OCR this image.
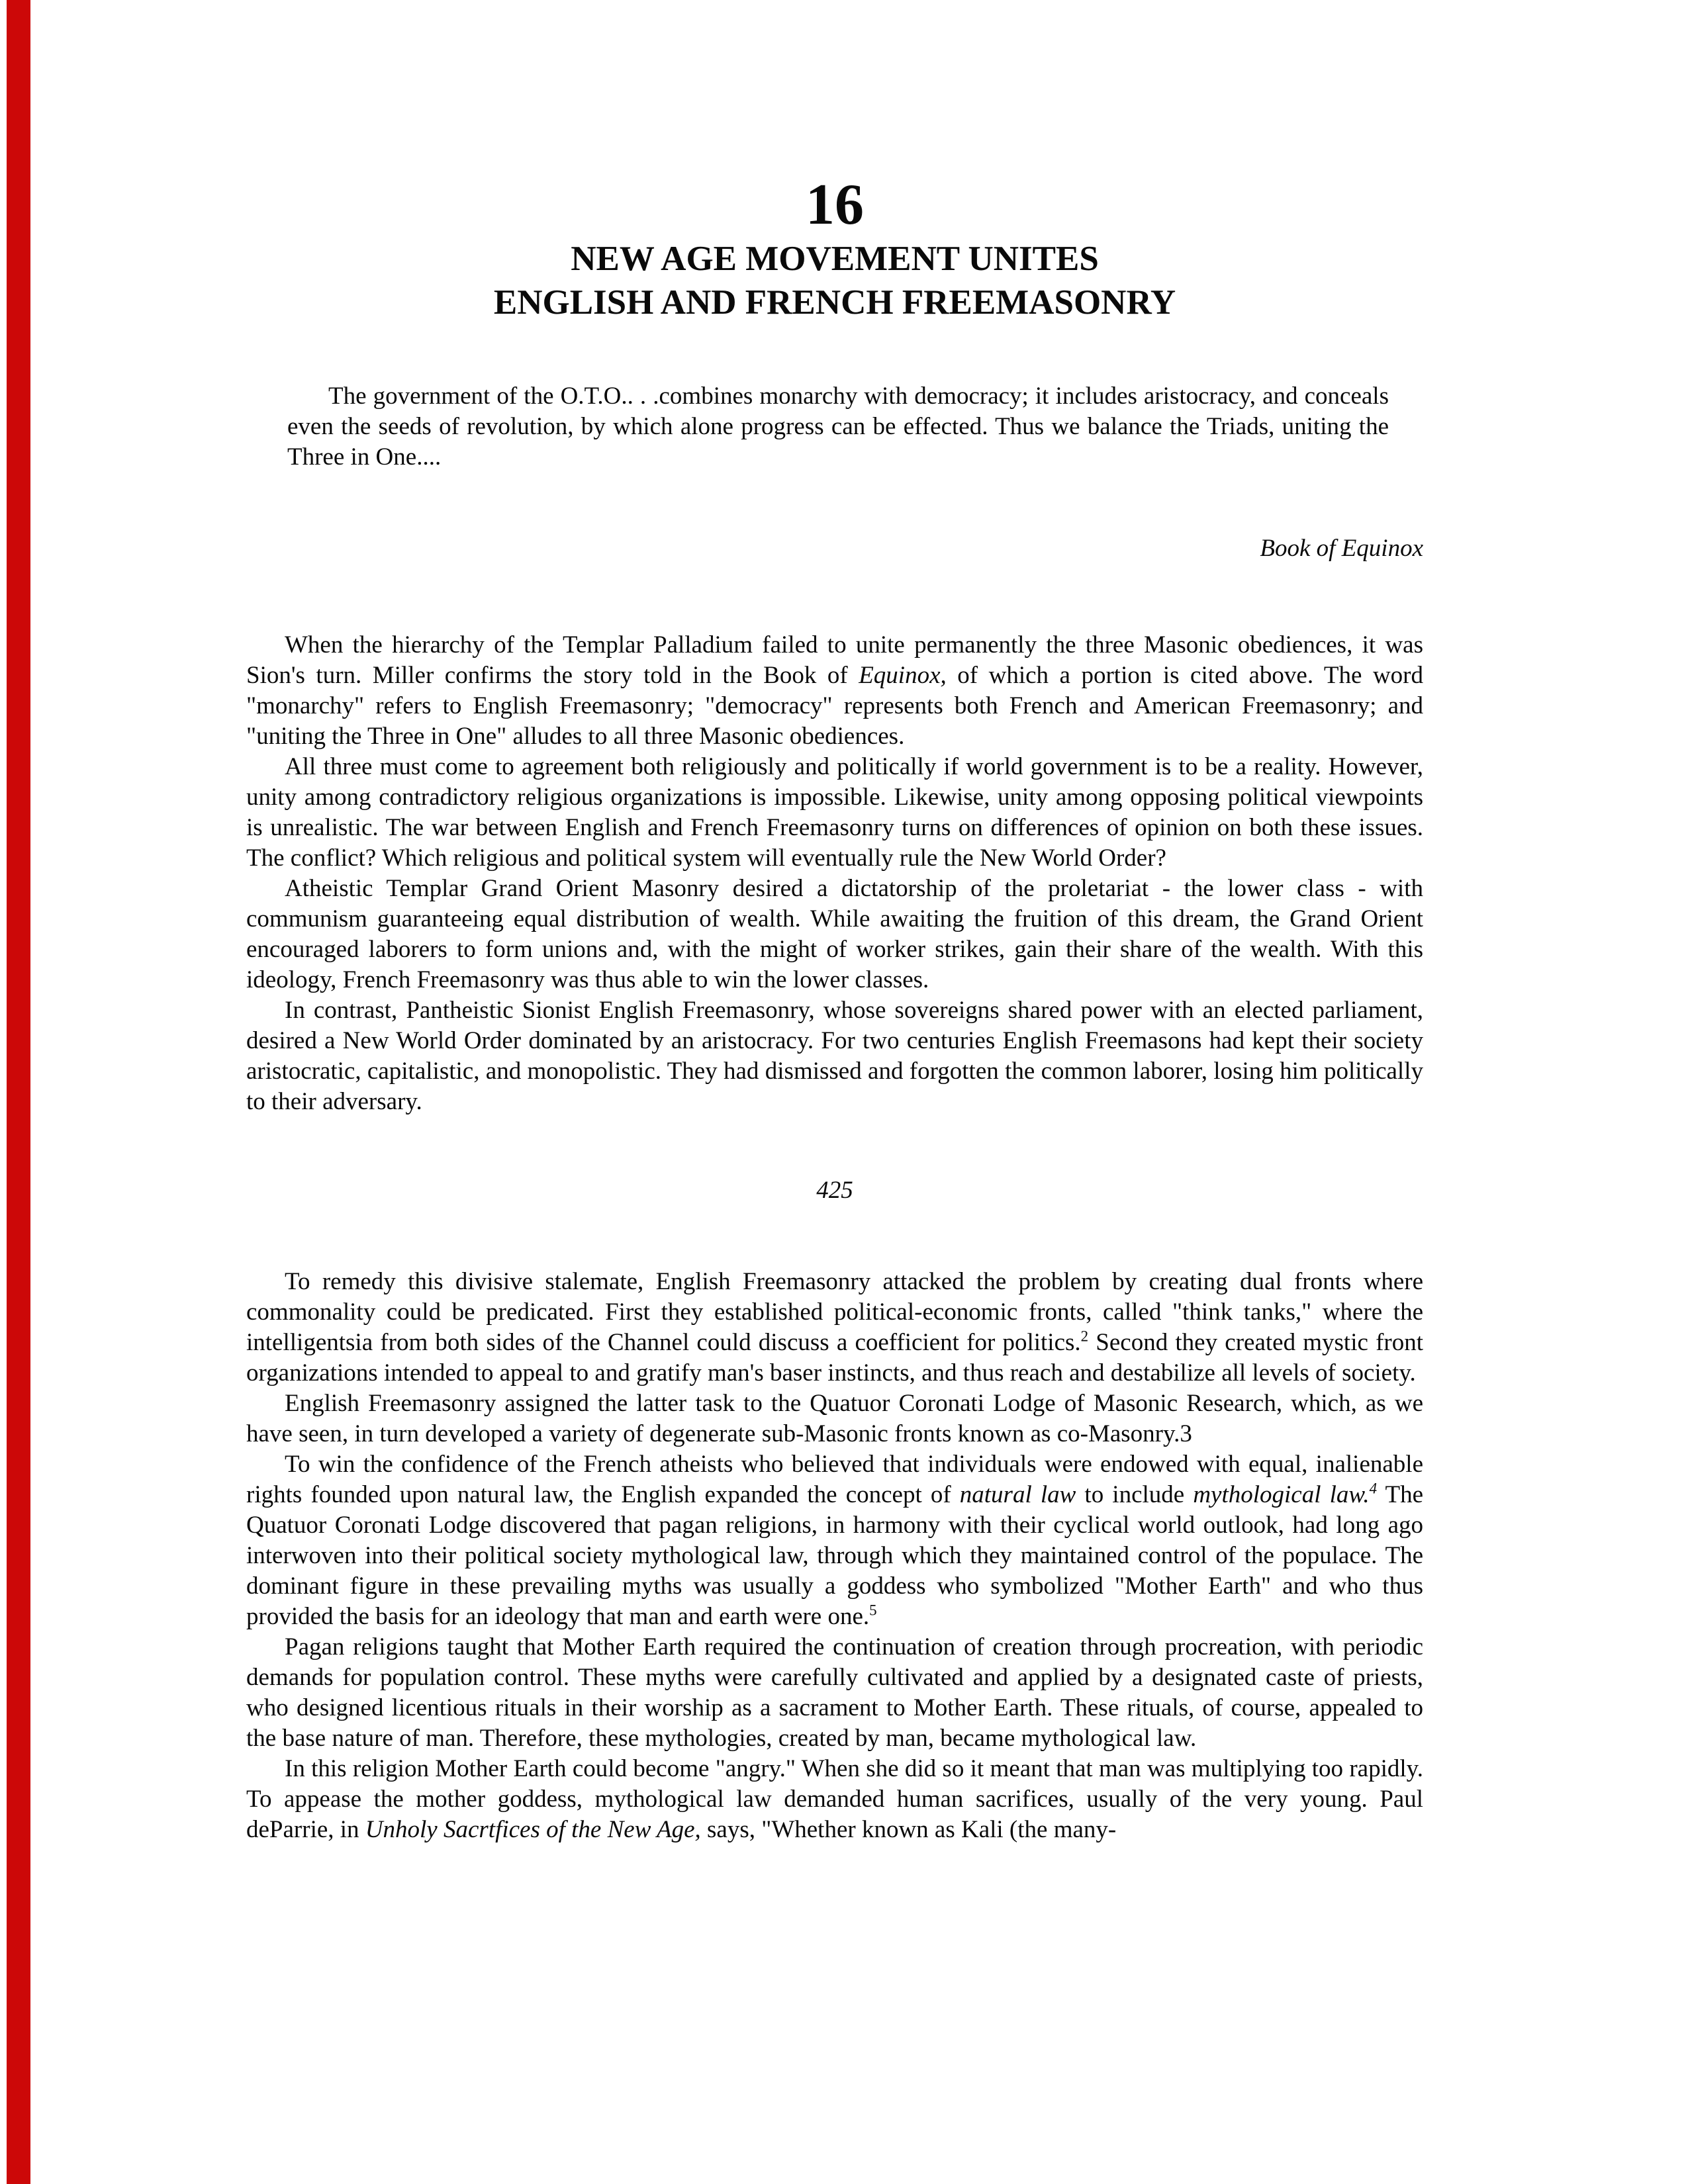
16
NEW AGE MOVEMENT UNITES
ENGLISH AND FRENCH FREEMASONRY
The government of the O.T.O.. . .combines monarchy with democracy; it includes aristocracy, and conceals even the seeds of revolution, by which alone progress can be effected. Thus we balance the Triads, uniting the Three in One....
Book of Equinox

When the hierarchy of the Templar Palladium failed to unite permanently the three Masonic obediences, it was Sion's turn. Miller confirms the story told in the Book of Equinox, of which a portion is cited above. The word "monarchy" refers to English Freemasonry; "democracy" represents both French and American Freemasonry; and "uniting the Three in One" alludes to all three Masonic obediences.

All three must come to agreement both religiously and politically if world government is to be a reality. However, unity among contradictory religious organizations is impossible. Likewise, unity among opposing political viewpoints is unrealistic. The war between English and French Freemasonry turns on differences of opinion on both these issues. The conflict? Which religious and political system will eventually rule the New World Order?

Atheistic Templar Grand Orient Masonry desired a dictatorship of the proletariat - the lower class - with communism guaranteeing equal distribution of wealth. While awaiting the fruition of this dream, the Grand Orient encouraged laborers to form unions and, with the might of worker strikes, gain their share of the wealth. With this ideology, French Freemasonry was thus able to win the lower classes.

In contrast, Pantheistic Sionist English Freemasonry, whose sovereigns shared power with an elected parliament, desired a New World Order dominated by an aristocracy. For two centuries English Freemasons had kept their society aristocratic, capitalistic, and monopolistic. They had dismissed and forgotten the common laborer, losing him politically to their adversary.

425

To remedy this divisive stalemate, English Freemasonry attacked the problem by creating dual fronts where commonality could be predicated. First they established political-economic fronts, called "think tanks," where the intelligentsia from both sides of the Channel could discuss a coefficient for politics.$^2$ Second they created mystic front organizations intended to appeal to and gratify man's baser instincts, and thus reach and destabilize all levels of society.

English Freemasonry assigned the latter task to the Quatuor Coronati Lodge of Masonic Research, which, as we have seen, in turn developed a variety of degenerate sub-Masonic fronts known as co-Masonry.3

To win the confidence of the French atheists who believed that individuals were endowed with equal, inalienable rights founded upon natural law, the English expanded the concept of natural law to include mythological law.$^4$ The Quatuor Coronati Lodge discovered that pagan religions, in harmony with their cyclical world outlook, had long ago interwoven into their political society mythological law, through which they maintained control of the populace. The dominant figure in these prevailing myths was usually a goddess who symbolized "Mother Earth" and who thus provided the basis for an ideology that man and earth were one.$^5$

Pagan religions taught that Mother Earth required the continuation of creation through procreation, with periodic demands for population control. These myths were carefully cultivated and applied by a designated caste of priests, who designed licentious rituals in their worship as a sacrament to Mother Earth. These rituals, of course, appealed to the base nature of man. Therefore, these mythologies, created by man, became mythological law.

In this religion Mother Earth could become "angry." When she did so it meant that man was multiplying too rapidly. To appease the mother goddess, mythological law demanded human sacrifices, usually of the very young. Paul deParrie, in Unholy Sacrtfices of the New Age, says, "Whether known as Kali (the many-
